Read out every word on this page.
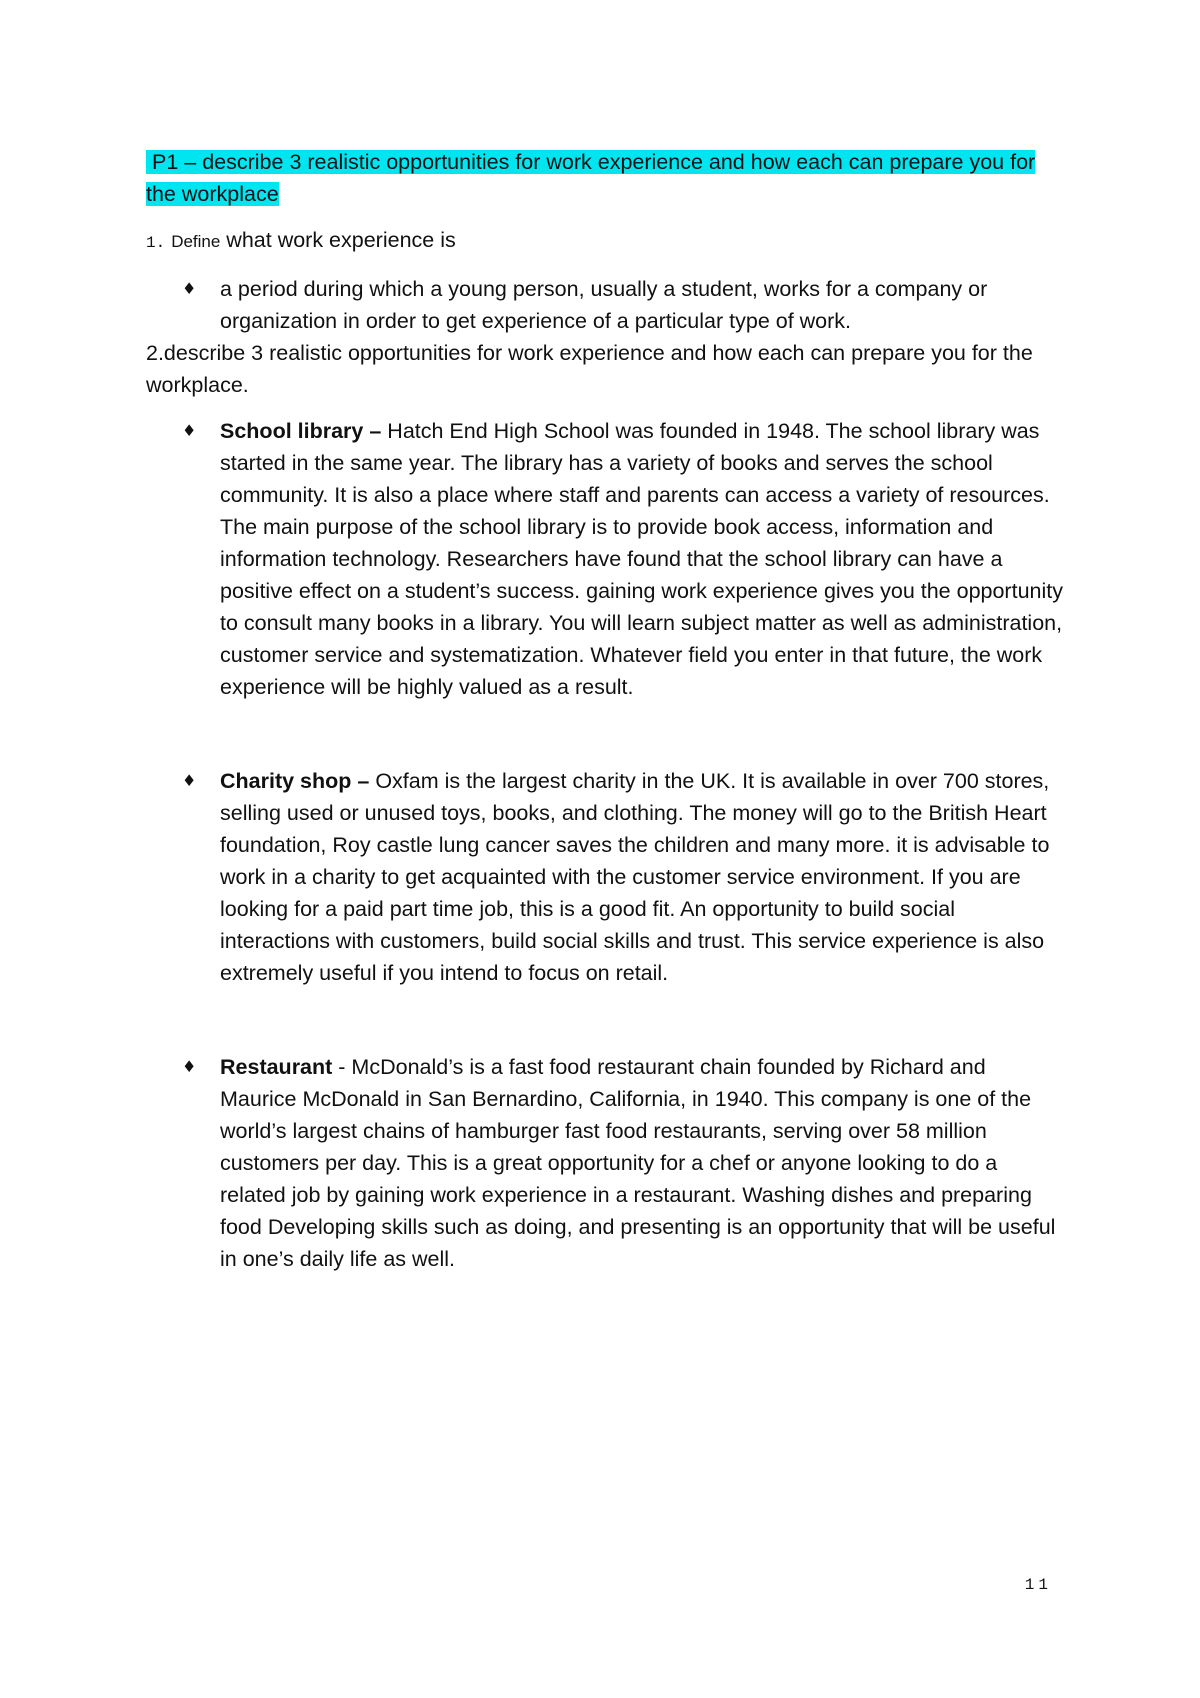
P1 – describe 3 realistic opportunities for work experience and how each can prepare you for the workplace
1. Define what work experience is
♦ a period during which a young person, usually a student, works for a company or organization in order to get experience of a particular type of work.
2.describe 3 realistic opportunities for work experience and how each can prepare you for the workplace.
♦ School library – Hatch End High School was founded in 1948. The school library was started in the same year. The library has a variety of books and serves the school community. It is also a place where staff and parents can access a variety of resources. The main purpose of the school library is to provide book access, information and information technology. Researchers have found that the school library can have a positive effect on a student’s success. gaining work experience gives you the opportunity to consult many books in a library. You will learn subject matter as well as administration, customer service and systematization. Whatever field you enter in that future, the work experience will be highly valued as a result.
♦ Charity shop – Oxfam is the largest charity in the UK. It is available in over 700 stores, selling used or unused toys, books, and clothing. The money will go to the British Heart foundation, Roy castle lung cancer saves the children and many more. it is advisable to work in a charity to get acquainted with the customer service environment. If you are looking for a paid part time job, this is a good fit. An opportunity to build social interactions with customers, build social skills and trust. This service experience is also extremely useful if you intend to focus on retail.
♦ Restaurant - McDonald’s is a fast food restaurant chain founded by Richard and Maurice McDonald in San Bernardino, California, in 1940. This company is one of the world’s largest chains of hamburger fast food restaurants, serving over 58 million customers per day. This is a great opportunity for a chef or anyone looking to do a related job by gaining work experience in a restaurant. Washing dishes and preparing food Developing skills such as doing, and presenting is an opportunity that will be useful in one’s daily life as well.
11
